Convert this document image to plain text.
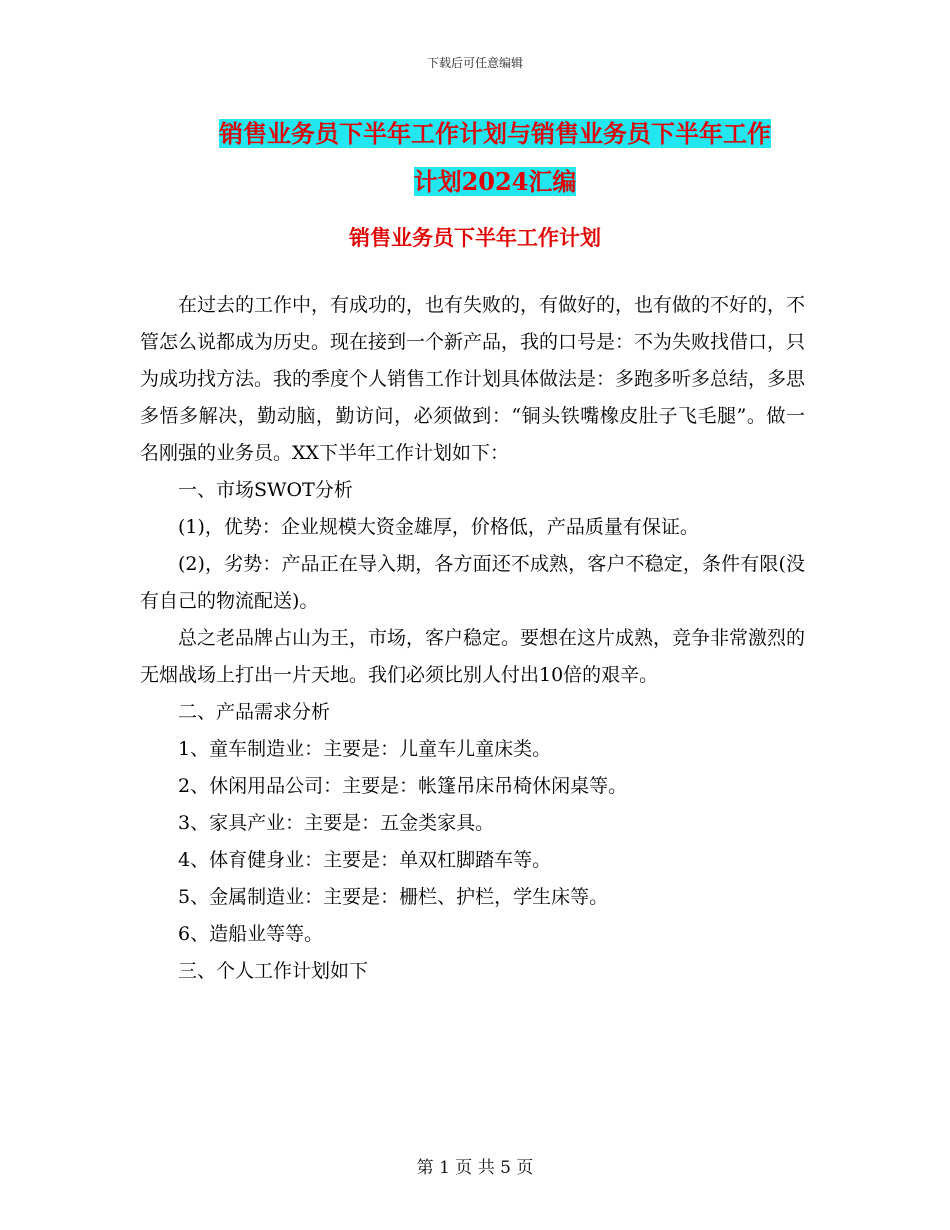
下载后可任意编辑
销售业务员下半年工作计划与销售业务员下半年工作
计划2024汇编
销售业务员下半年工作计划

在过去的工作中，有成功的，也有失败的，有做好的，也有做的不好的，不管怎么说都成为历史。现在接到一个新产品，我的口号是：不为失败找借口，只为成功找方法。我的季度个人销售工作计划具体做法是：多跑多听多总结，多思多悟多解决，勤动脑，勤访问，必须做到：“铜头铁嘴橡皮肚子飞毛腿”。做一名刚强的业务员。XX下半年工作计划如下：

一、市场SWOT分析

(1)，优势：企业规模大资金雄厚，价格低，产品质量有保证。

(2)，劣势：产品正在导入期，各方面还不成熟，客户不稳定，条件有限(没有自己的物流配送)。

总之老品牌占山为王，市场，客户稳定。要想在这片成熟，竞争非常激烈的无烟战场上打出一片天地。我们必须比别人付出10倍的艰辛。

二、产品需求分析

1、童车制造业：主要是：儿童车儿童床类。

2、休闲用品公司：主要是：帐篷吊床吊椅休闲桌等。

3、家具产业：主要是：五金类家具。

4、体育健身业：主要是：单双杠脚踏车等。

5、金属制造业：主要是：栅栏、护栏，学生床等。

6、造船业等等。

三、个人工作计划如下

第 1 页 共 5 页
